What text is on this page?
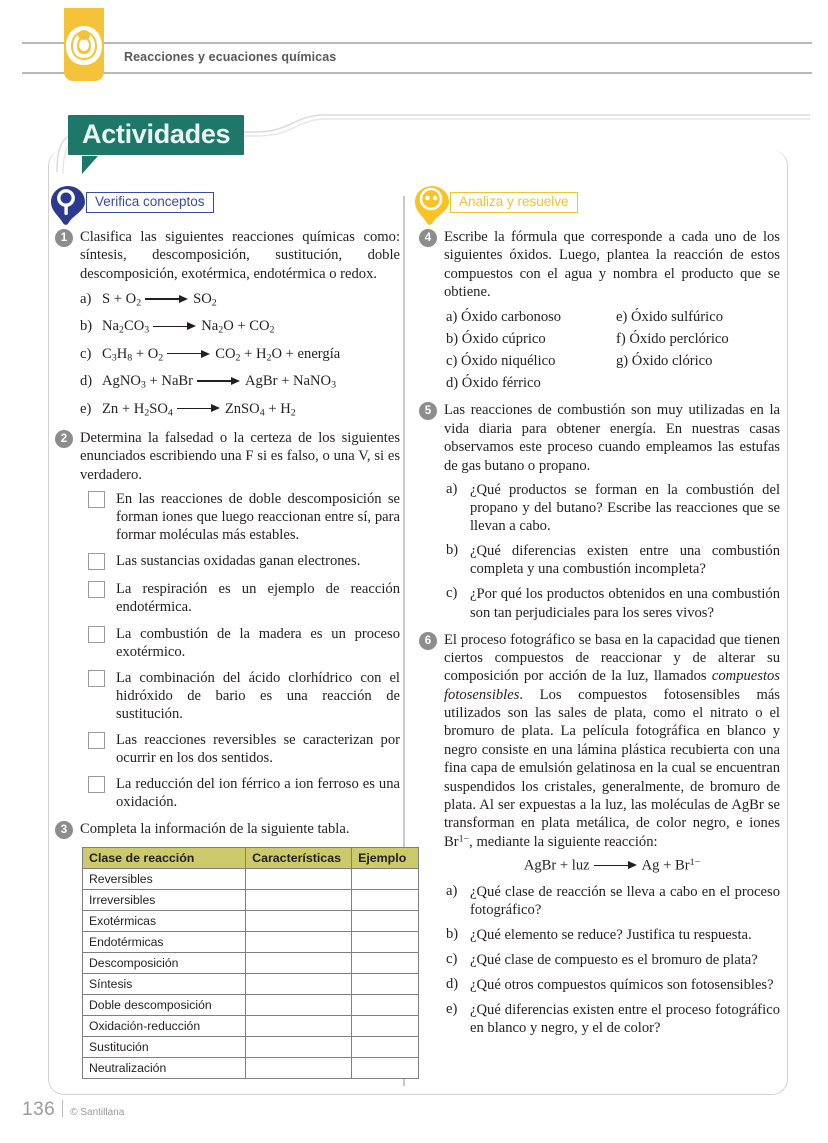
Reacciones y ecuaciones químicas
Actividades
Verifica conceptos
1 Clasifica las siguientes reacciones químicas como: síntesis, descomposición, sustitución, doble descomposición, exotérmica, endotérmica o redox.
a) $S + O_2$	$SO_2$
b) $Na_2CO_3$	$Na_2O + CO_2$
c) $C_3H_8 + O_2$	$CO_2 + H_2O$ + energía
d) AgNO$_3$ + NaBr	AgBr + NaNO$_3$
e) $Zn + H_2SO_4$	ZnSO$_4$ + $H_2$
2 Determina la falsedad o la certeza de los siguientes enunciados escribiendo una F si es falso, o una V, si es verdadero.
En las reacciones de doble descomposición se forman iones que luego reaccionan entre sí, para formar moléculas más estables.
Las sustancias oxidadas ganan electrones.
La respiración es un ejemplo de reacción endotérmica.
La combustión de la madera es un proceso exotérmico.
La combinación del ácido clorhídrico con el hidróxido de bario es una reacción de sustitución.
Las reacciones reversibles se caracterizan por ocurrir en los dos sentidos.
La reducción del ion férrico a ion ferroso es una oxidación.
3 Completa la información de la siguiente tabla.
Clase de reacción	Características	Ejemplo
Reversibles		
Irreversibles		
Exotérmicas		
Endotérmicas		
Descomposición		
Síntesis		
Doble descomposición		
Oxidación-reducción		
Sustitución		
Neutralización		
Analiza y resuelve
4 Escribe la fórmula que corresponde a cada uno de los siguientes óxidos. Luego, plantea la reacción de estos compuestos con el agua y nombra el producto que se obtiene.
a) Óxido carbonoso	e) Óxido sulfúrico
b) Óxido cúprico	f) Óxido perclórico
c) Óxido niquélico	g) Óxido clórico
d) Óxido férrico
5 Las reacciones de combustión son muy utilizadas en la vida diaria para obtener energía. En nuestras casas observamos este proceso cuando empleamos las estufas de gas butano o propano.
a) ¿Qué productos se forman en la combustión del propano y del butano? Escribe las reacciones que se llevan a cabo.
b) ¿Qué diferencias existen entre una combustión completa y una combustión incompleta?
c) ¿Por qué los productos obtenidos en una combustión son tan perjudiciales para los seres vivos?
6 El proceso fotográfico se basa en la capacidad que tienen ciertos compuestos de reaccionar y de alterar su composición por acción de la luz, llamados compuestos fotosensibles. Los compuestos fotosensibles más utilizados son las sales de plata, como el nitrato o el bromuro de plata. La película fotográfica en blanco y negro consiste en una lámina plástica recubierta con una fina capa de emulsión gelatinosa en la cual se encuentran suspendidos los cristales, generalmente, de bromuro de plata. Al ser expuestas a la luz, las moléculas de AgBr se transforman en plata metálica, de color negro, e iones $Br^{1-}$, mediante la siguiente reacción:
AgBr + luz	$Ag + Br^{1-}$
a) ¿Qué clase de reacción se lleva a cabo en el proceso fotográfico?
b) ¿Qué elemento se reduce? Justifica tu respuesta.
c) ¿Qué clase de compuesto es el bromuro de plata?
d) ¿Qué otros compuestos químicos son fotosensibles?
e) ¿Qué diferencias existen entre el proceso fotográfico en blanco y negro, y el de color?
136 © Santillana
